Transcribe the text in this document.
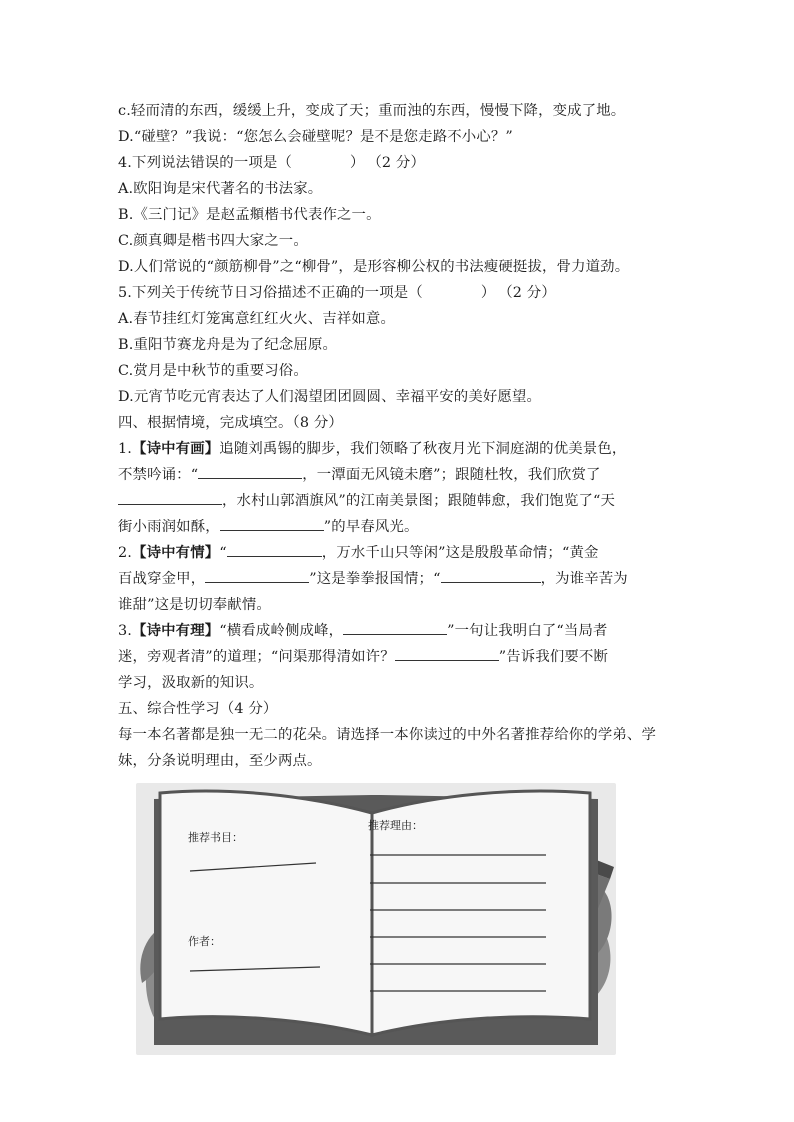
c.轻而清的东西，缓缓上升，变成了天；重而浊的东西，慢慢下降，变成了地。
D.“碰壁？”我说：“您怎么会碰壁呢？是不是您走路不小心？”
4.下列说法错误的一项是（	） （2 分）
A.欧阳询是宋代著名的书法家。
B.《三门记》是赵孟頫楷书代表作之一。
C.颜真卿是楷书四大家之一。
D.人们常说的“颜筋柳骨”之“柳骨”，是形容柳公权的书法瘦硬挺拔，骨力道劲。
5.下列关于传统节日习俗描述不正确的一项是（	） （2 分）
A.春节挂红灯笼寓意红红火火、吉祥如意。
B.重阳节赛龙舟是为了纪念屈原。
C.赏月是中秋节的重要习俗。
D.元宵节吃元宵表达了人们渴望团团圆圆、幸福平安的美好愿望。
四、根据情境，完成填空。（8 分）
1.【诗中有画】追随刘禹锡的脚步，我们领略了秋夜月光下洞庭湖的优美景色，
不禁吟诵：“	，一潭面无风镜未磨”；跟随杜牧，我们欣赏了
，水村山郭酒旗风”的江南美景图；跟随韩愈，我们饱览了“天
街小雨润如酥，	”的早春风光。
2.【诗中有情】“	，万水千山只等闲”这是殷殷革命情；“黄金
百战穿金甲，	”这是拳拳报国情；“	，为谁辛苦为
谁甜”这是切切奉献情。
3.【诗中有理】“横看成岭侧成峰，	”一句让我明白了“当局者
迷，旁观者清”的道理；“问渠那得清如许？	”告诉我们要不断
学习，汲取新的知识。
五、综合性学习（4 分）
每一本名著都是独一无二的花朵。请选择一本你读过的中外名著推荐给你的学弟、学妹，分条说明理由，至少两点。
推荐书目：
作者：
推荐理由：
